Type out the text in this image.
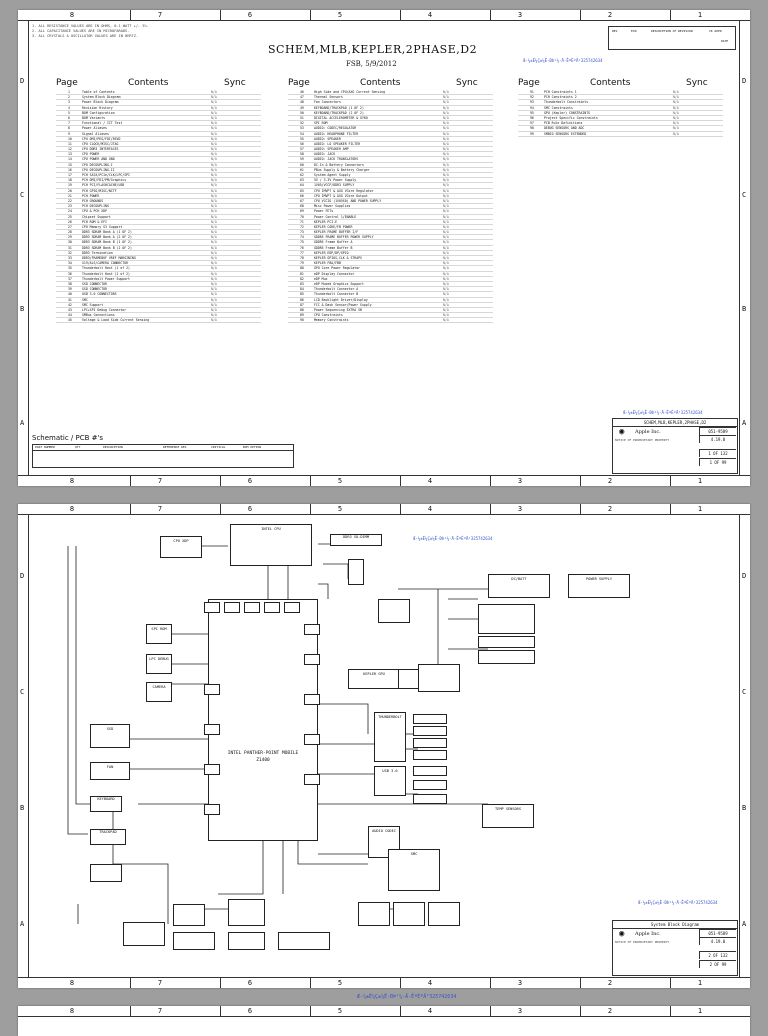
8	7	6	5	4	3	2	1
8	7	6	5	4	3	2	1
D
C
B
A
D
C
B
A
1. ALL RESISTANCE VALUES ARE IN OHMS, 0.1 WATT +/- 5%.
2. ALL CAPACITANCE VALUES ARE IN MICROFARADS.
3. ALL CRYSTALS & OSCILLATOR VALUES ARE IN HERTZ.
SCHEM,MLB,KEPLER,2PHASE,D2
FSB, 5/9/2012	Æ-¼±É¼Ç±¼Ê-ÐÞ¹¼-Ä-ÊªÉºÄ²325742634
Æ-¼±É¼Ç±¼Ê-ÐÞ¹¼-Ä-ÊªÉºÄ²325742634
REV	ECN	DESCRIPTION OF REVISION	CK APPD
DATE
Page	Contents	Sync	Page	Contents	Sync	Page	Contents	Sync
1	Table of Contents	N/A
2	System Block Diagram	N/A
3	Power Block Diagram	N/A
4	Revision History	N/A
5	BOM Configuration	N/A
6	BOM Variants	N/A
7	Functional / ICT Test	N/A
8	Power Aliases	N/A
9	Signal Aliases	N/A
10	CPU DMI/PEG/FDI/RSVD	N/A
11	CPU CLOCK/MISC/JTAG	N/A
12	CPU DDR3 INTERFACES	N/A
13	CPU POWER	N/A
14	CPU POWER AND GND	N/A
15	CPU DECOUPLING-I	N/A
16	CPU DECOUPLING-II	N/A
17	PCH SATA/PCIe/CLK/LPC/SPI	N/A
18	PCH DMI/FDI/PM/Graphics	N/A
19	PCH PCI/FLASHCACHE/USB	N/A
20	PCH GPIO/MISC/NCTF	N/A
21	PCH POWER	N/A
22	PCH GROUNDS	N/A
23	PCH DECOUPLING	N/A
24	CPU & PCH XDP	N/A
25	Chipset Support	N/A
26	PCH ROM & EFI	N/A
27	CPU Memory S3 Support	N/A
28	DDR3 SDRAM Bank A (1 OF 2)	N/A
29	DDR3 SDRAM Bank A (2 OF 2)	N/A
30	DDR3 SDRAM Bank B (1 OF 2)	N/A
31	DDR3 SDRAM Bank B (2 OF 2)	N/A
32	DDR3 Termination	N/A
33	DDR3/FRAMEBUF VREF MARGINING	N/A
34	X19/ALS/CAMERA CONNECTOR	N/A
35	Thunderbolt Host (1 of 2)	N/A
36	Thunderbolt Host (2 of 2)	N/A
37	Thunderbolt Power Support	N/A
38	SSD CONNECTOR	N/A
39	SSD CONNECTOR	N/A
40	USB 3.0 CONNECTORS	N/A
41	SMC	N/A
42	SMC Support	N/A
43	LPC+SPI Debug Connector	N/A
44	SMBus Connections	N/A
45	Voltage & Load Side Current Sensing	N/A
46	High Side and CPU/AXG Current Sensing	N/A
47	Thermal Sensors	N/A
48	Fan Connectors	N/A
49	KEYBOARD/TRACKPAD (1 OF 2)	N/A
50	KEYBOARD/TRACKPAD (2 OF 2)	N/A
51	DIGITAL ACCELEROMETER & GYRO	N/A
52	SPI ROM	N/A
53	AUDIO: CODEC/REGULATOR	N/A
54	AUDIO: HEADPHONE FILTER	N/A
55	AUDIO: SPEAKER	N/A
56	AUDIO: LO SPEAKER FILTER	N/A
57	AUDIO: SPEAKER AMP	N/A
58	AUDIO: JACK	N/A
59	AUDIO: JACK TRANSLATORS	N/A
60	DC-In & Battery Connectors	N/A
61	PBus Supply & Battery Charger	N/A
62	System Agent Supply	N/A
63	5V / 3.3V Power Supply	N/A
64	1V05/VCCP/DDR3 SUPPLY	N/A
65	CPU IMVP7 & AXG VCore Regulator	N/A
66	CPU IMVP7 & AXG VCore Output	N/A
67	CPU VCCIO (1V05S0) AND POWER SUPPLY	N/A
68	Misc Power Supplies	N/A
69	Power FETs	N/A
70	Power Control 1/ENABLE	N/A
71	KEPLER PCI-E	N/A
72	KEPLER CORE/FB POWER	N/A
73	KEPLER FRAME BUFFER I/F	N/A
74	GDDR5 FRAME BUFFER POWER SUPPLY	N/A
75	GDDR5 Frame Buffer A	N/A
76	GDDR5 Frame Buffer B	N/A
77	KEPLER EDP/DP/GPIO	N/A
78	KEPLER GPIOS,CLK & STRAPS	N/A
79	KEPLER FBA/FBB	N/A
80	GPU Core Power Regulator	N/A
81	eDP Display Connector	N/A
82	eDP Mux	N/A
83	eDP Muxed Graphics Support	N/A
84	Thunderbolt Connector A	N/A
85	Thunderbolt Connector B	N/A
86	LCD Backlight Driver/Display	N/A
87	FCC & Dash Sensor/Power Supply	N/A
88	Power Sequencing EXTRA SB	N/A
89	CPU Constraints	N/A
90	Memory Constraints	N/A
91	PCH Constraints 1	N/A
92	PCH Constraints 2	N/A
93	Thunderbolt Constraints	N/A
94	SMC Constraints	N/A
95	GPU (Kepler) CONSTRAINTS	N/A
96	Project Specific Constraints	N/A
97	PCB Rule Definitions	N/A
98	DEBUG SENSORS AND ADC	N/A
99	SMBIO SENSORS EXTENDED	N/A
Schematic / PCB #'s
PART NUMBER	QTY	DESCRIPTION	REFERENCE DES	CRITICAL	BOM OPTION
SCHEM,MLB,KEPLER,2PHASE,D2
◉	Apple Inc.
NOTICE OF PROPRIETARY PROPERTY
051-9589
4.19.0
1 OF 132
1 OF 99
8	7	6	5	4	3	2	1
8	7	6	5	4	3	2	1
D
C
B
A
D
C
B
A
Æ-¼±É¼Ç±¼Ê-ÐÞ¹¼-Ä-ÊªÉºÄ²325742634
Æ-¼±É¼Ç±¼Ê-ÐÞ¹¼-Ä-ÊªÉºÄ²325742634
INTEL CPU
DDR3 SO-DIMM
CPU XDP
DC/BATT	POWER SUPPLY
INTEL PANTHER-POINT MOBILE
Z1400
KEPLER GPU
THUNDERBOLT
USB 3.0
AUDIO CODEC
TEMP SENSORS
SMC
SPI ROM
LPC DEBUG
CAMERA
SSD
FAN
KEYBOARD
TRACKPAD
System Block Diagram
◉	Apple Inc.
NOTICE OF PROPRIETARY PROPERTY
051-9589
4.19.0
2 OF 132
2 OF 99
Æ-¼±É¼Ç±¼Ê-ÐÞ¹¼-Ä-ÊªÉºÄ²325742634
8	7	6	5	4	3	2	1
